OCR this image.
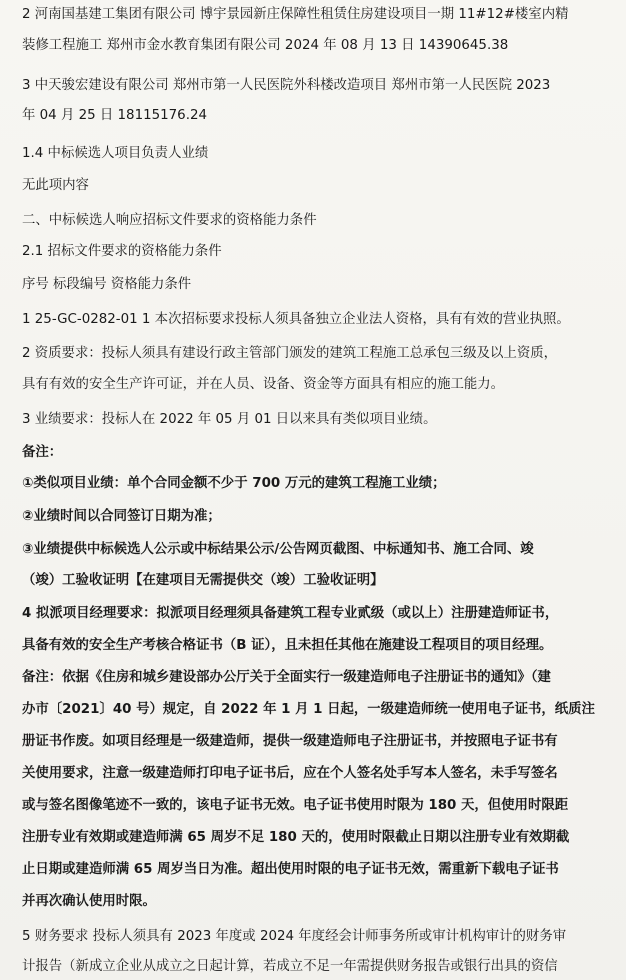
2 河南国基建工集团有限公司 博宇景园新庄保障性租赁住房建设项目一期 11#12#楼室内精
装修工程施工 郑州市金水教育集团有限公司 2024 年 08 月 13 日 14390645.38
3 中天骏宏建设有限公司 郑州市第一人民医院外科楼改造项目 郑州市第一人民医院 2023
年 04 月 25 日 18115176.24
1.4 中标候选人项目负责人业绩
无此项内容
二、中标候选人响应招标文件要求的资格能力条件
2.1 招标文件要求的资格能力条件
序号 标段编号 资格能力条件
1 25-GC-0282-01 1 本次招标要求投标人须具备独立企业法人资格，具有有效的营业执照。
2 资质要求：投标人须具有建设行政主管部门颁发的建筑工程施工总承包三级及以上资质，
具有有效的安全生产许可证，并在人员、设备、资金等方面具有相应的施工能力。
3 业绩要求：投标人在 2022 年 05 月 01 日以来具有类似项目业绩。
备注：
①类似项目业绩：单个合同金额不少于 700 万元的建筑工程施工业绩；
②业绩时间以合同签订日期为准；
③业绩提供中标候选人公示或中标结果公示/公告网页截图、中标通知书、施工合同、竣
（竣）工验收证明【在建项目无需提供交（竣）工验收证明】
4 拟派项目经理要求：拟派项目经理须具备建筑工程专业贰级（或以上）注册建造师证书，
具备有效的安全生产考核合格证书（B 证），且未担任其他在施建设工程项目的项目经理。
备注：依据《住房和城乡建设部办公厅关于全面实行一级建造师电子注册证书的通知》（建
办市〔2021〕40 号）规定，自 2022 年 1 月 1 日起，一级建造师统一使用电子证书，纸质注
册证书作废。如项目经理是一级建造师，提供一级建造师电子注册证书，并按照电子证书有
关使用要求，注意一级建造师打印电子证书后，应在个人签名处手写本人签名，未手写签名
或与签名图像笔迹不一致的，该电子证书无效。电子证书使用时限为 180 天，但使用时限距
注册专业有效期或建造师满 65 周岁不足 180 天的，使用时限截止日期以注册专业有效期截
止日期或建造师满 65 周岁当日为准。超出使用时限的电子证书无效，需重新下载电子证书
并再次确认使用时限。
5 财务要求 投标人须具有 2023 年度或 2024 年度经会计师事务所或审计机构审计的财务审
计报告（新成立企业从成立之日起计算，若成立不足一年需提供财务报告或银行出具的资信
